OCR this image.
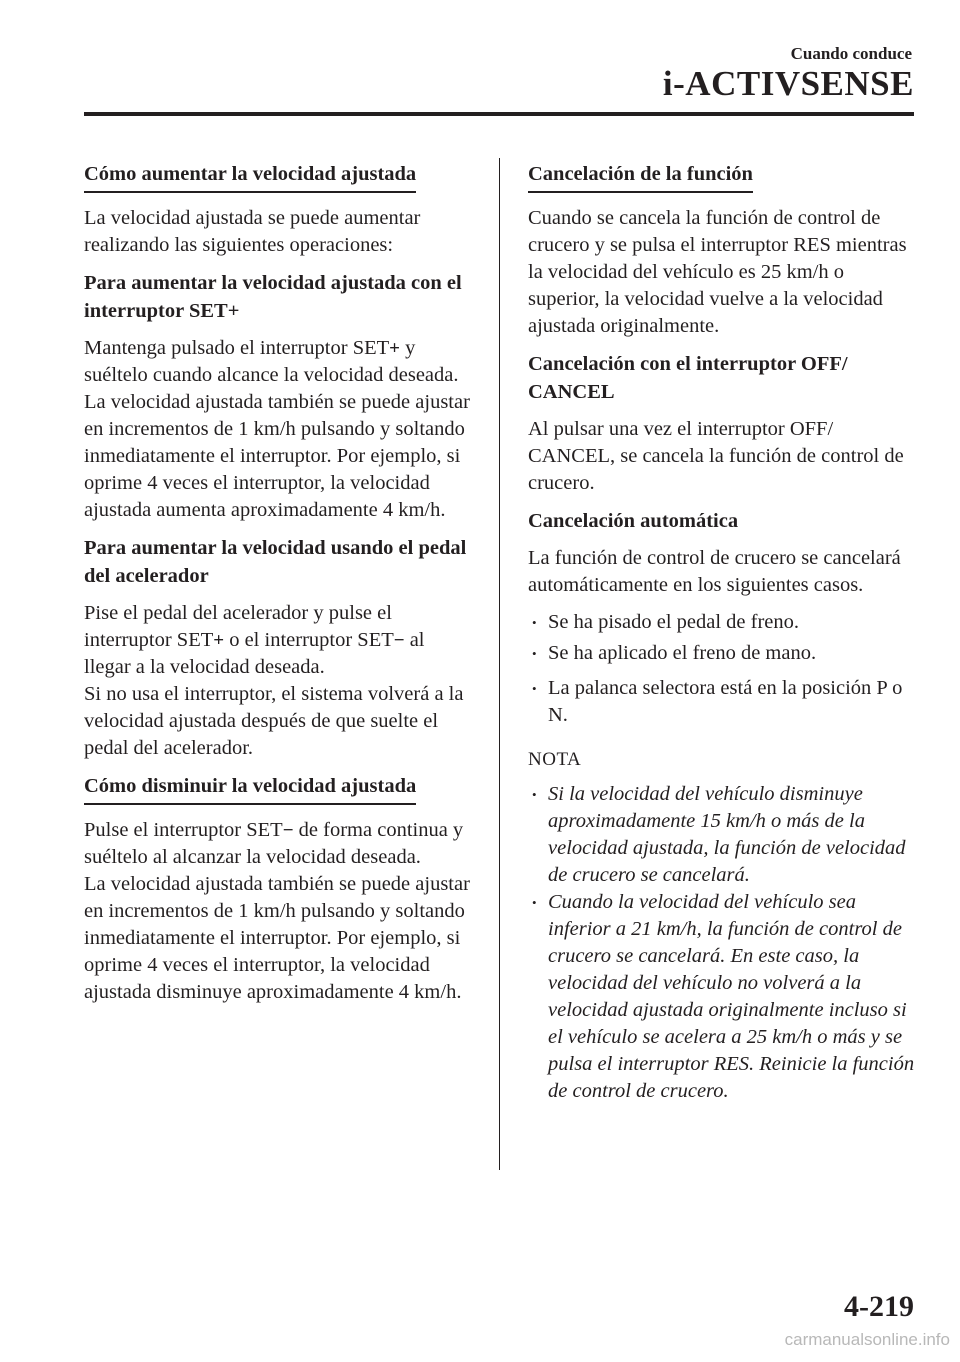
Cuando conduce
i-ACTIVSENSE
Cómo aumentar la velocidad ajustada

La velocidad ajustada se puede aumentar realizando las siguientes operaciones:

Para aumentar la velocidad ajustada con el interruptor SET+

Mantenga pulsado el interruptor SET+ y suéltelo cuando alcance la velocidad deseada.

La velocidad ajustada también se puede ajustar en incrementos de 1 km/h pulsando y soltando inmediatamente el interruptor. Por ejemplo, si oprime 4 veces el interruptor, la velocidad ajustada aumenta aproximadamente 4 km/h.

Para aumentar la velocidad usando el pedal del acelerador

Pise el pedal del acelerador y pulse el interruptor SET+ o el interruptor SET− al llegar a la velocidad deseada.

Si no usa el interruptor, el sistema volverá a la velocidad ajustada después de que suelte el pedal del acelerador.

Cómo disminuir la velocidad ajustada

Pulse el interruptor SET− de forma continua y suéltelo al alcanzar la velocidad deseada.

La velocidad ajustada también se puede ajustar en incrementos de 1 km/h pulsando y soltando inmediatamente el interruptor. Por ejemplo, si oprime 4 veces el interruptor, la velocidad ajustada disminuye aproximadamente 4 km/h.

Cancelación de la función

Cuando se cancela la función de control de crucero y se pulsa el interruptor RES mientras la velocidad del vehículo es 25 km/h o superior, la velocidad vuelve a la velocidad ajustada originalmente.

Cancelación con el interruptor OFF/ CANCEL

Al pulsar una vez el interruptor OFF/ CANCEL, se cancela la función de control de crucero.

Cancelación automática

La función de control de crucero se cancelará automáticamente en los siguientes casos.

• Se ha pisado el pedal de freno.
• Se ha aplicado el freno de mano.
• La palanca selectora está en la posición P o N.

NOTA

• Si la velocidad del vehículo disminuye aproximadamente 15 km/h o más de la velocidad ajustada, la función de velocidad de crucero se cancelará.
• Cuando la velocidad del vehículo sea inferior a 21 km/h, la función de control de crucero se cancelará. En este caso, la velocidad del vehículo no volverá a la velocidad ajustada originalmente incluso si el vehículo se acelera a 25 km/h o más y se pulsa el interruptor RES. Reinicie la función de control de crucero.
4-219
carmanualsonline.info
